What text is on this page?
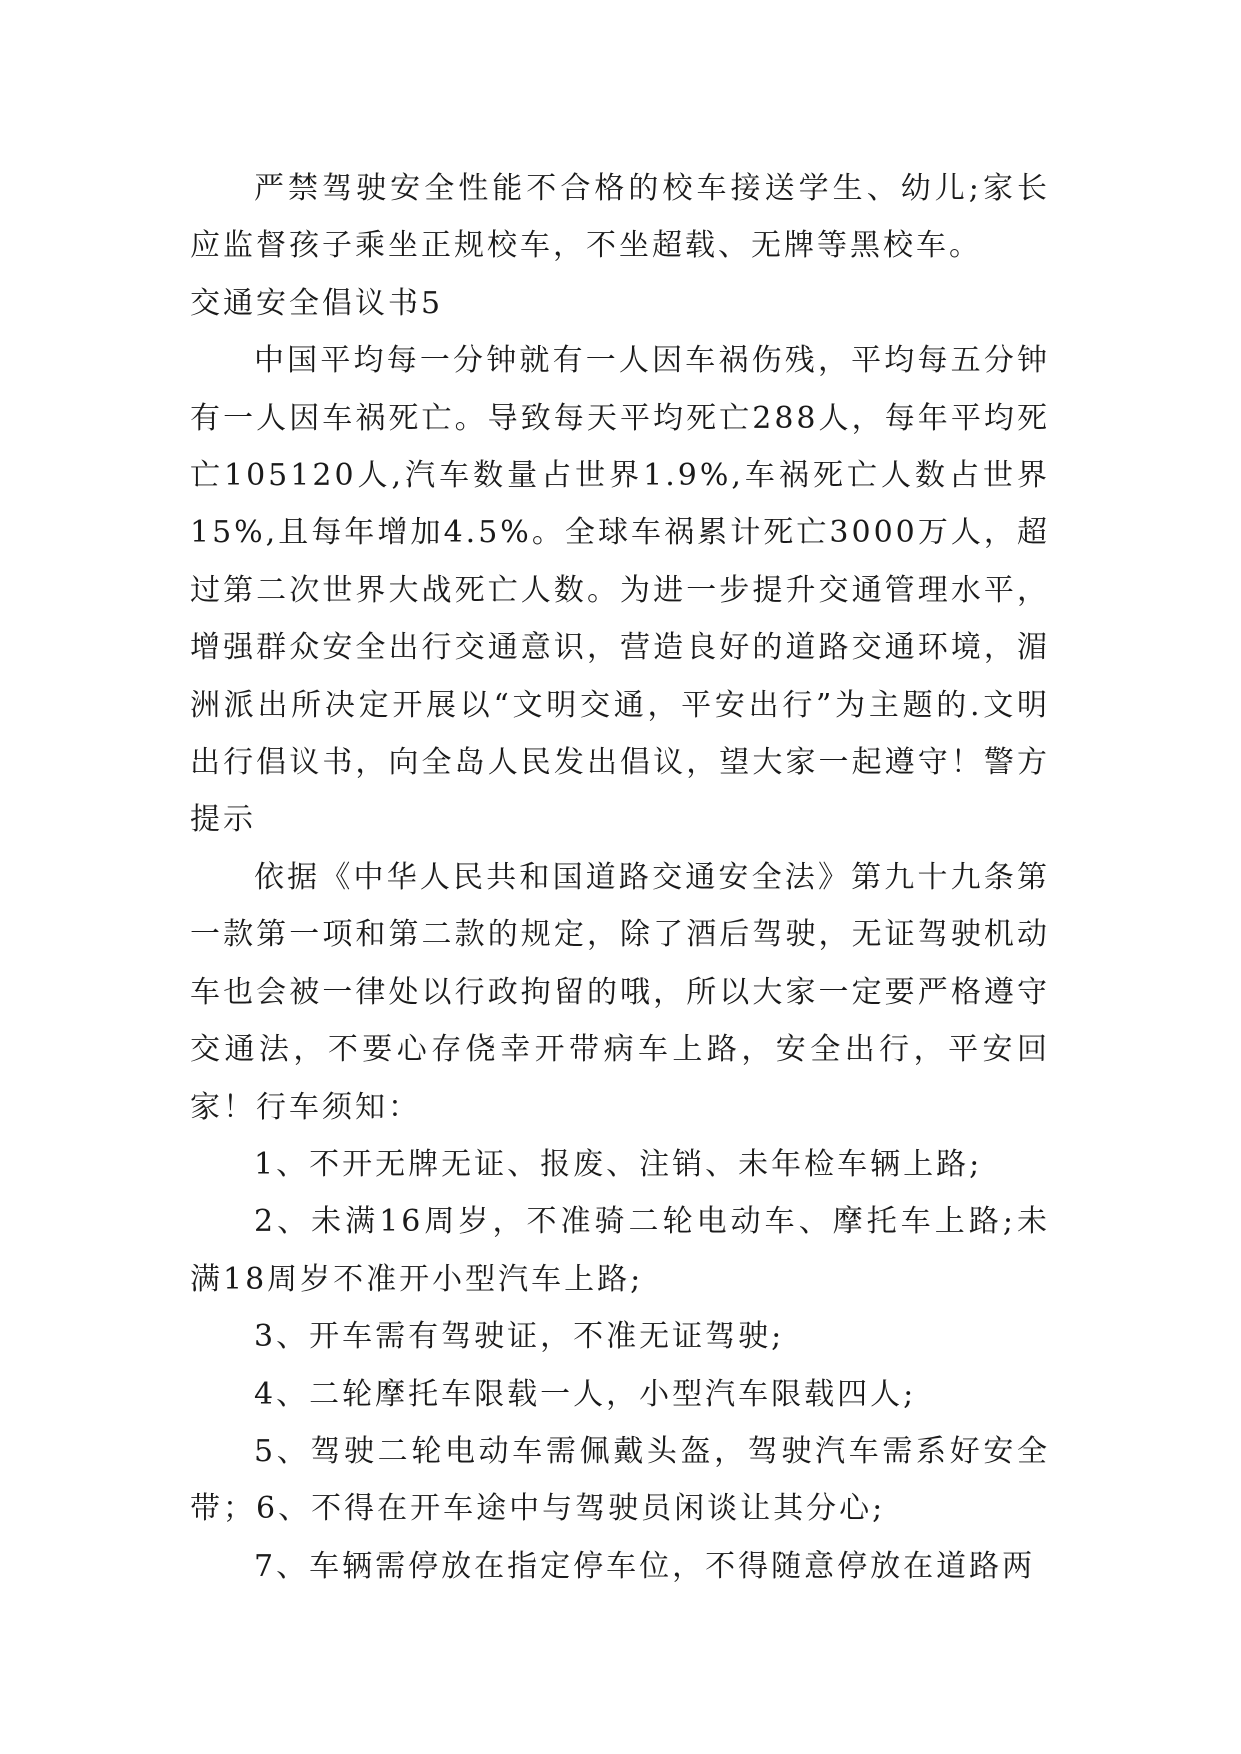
严禁驾驶安全性能不合格的校车接送学生、幼儿;家长应监督孩子乘坐正规校车，不坐超载、无牌等黑校车。

交通安全倡议书5

中国平均每一分钟就有一人因车祸伤残，平均每五分钟有一人因车祸死亡。导致每天平均死亡288人，每年平均死亡105120人,汽车数量占世界1.9%,车祸死亡人数占世界15%,且每年增加4.5%。全球车祸累计死亡3000万人，超过第二次世界大战死亡人数。为进一步提升交通管理水平，增强群众安全出行交通意识，营造良好的道路交通环境，湄洲派出所决定开展以“文明交通，平安出行”为主题的.文明出行倡议书，向全岛人民发出倡议，望大家一起遵守！警方提示

依据《中华人民共和国道路交通安全法》第九十九条第一款第一项和第二款的规定，除了酒后驾驶，无证驾驶机动车也会被一律处以行政拘留的哦，所以大家一定要严格遵守交通法，不要心存侥幸开带病车上路，安全出行，平安回家！行车须知：

1、不开无牌无证、报废、注销、未年检车辆上路;

2、未满16周岁，不准骑二轮电动车、摩托车上路;未满18周岁不准开小型汽车上路;

3、开车需有驾驶证，不准无证驾驶;

4、二轮摩托车限载一人，小型汽车限载四人;

5、驾驶二轮电动车需佩戴头盔，驾驶汽车需系好安全带；6、不得在开车途中与驾驶员闲谈让其分心;

7、车辆需停放在指定停车位，不得随意停放在道路两
